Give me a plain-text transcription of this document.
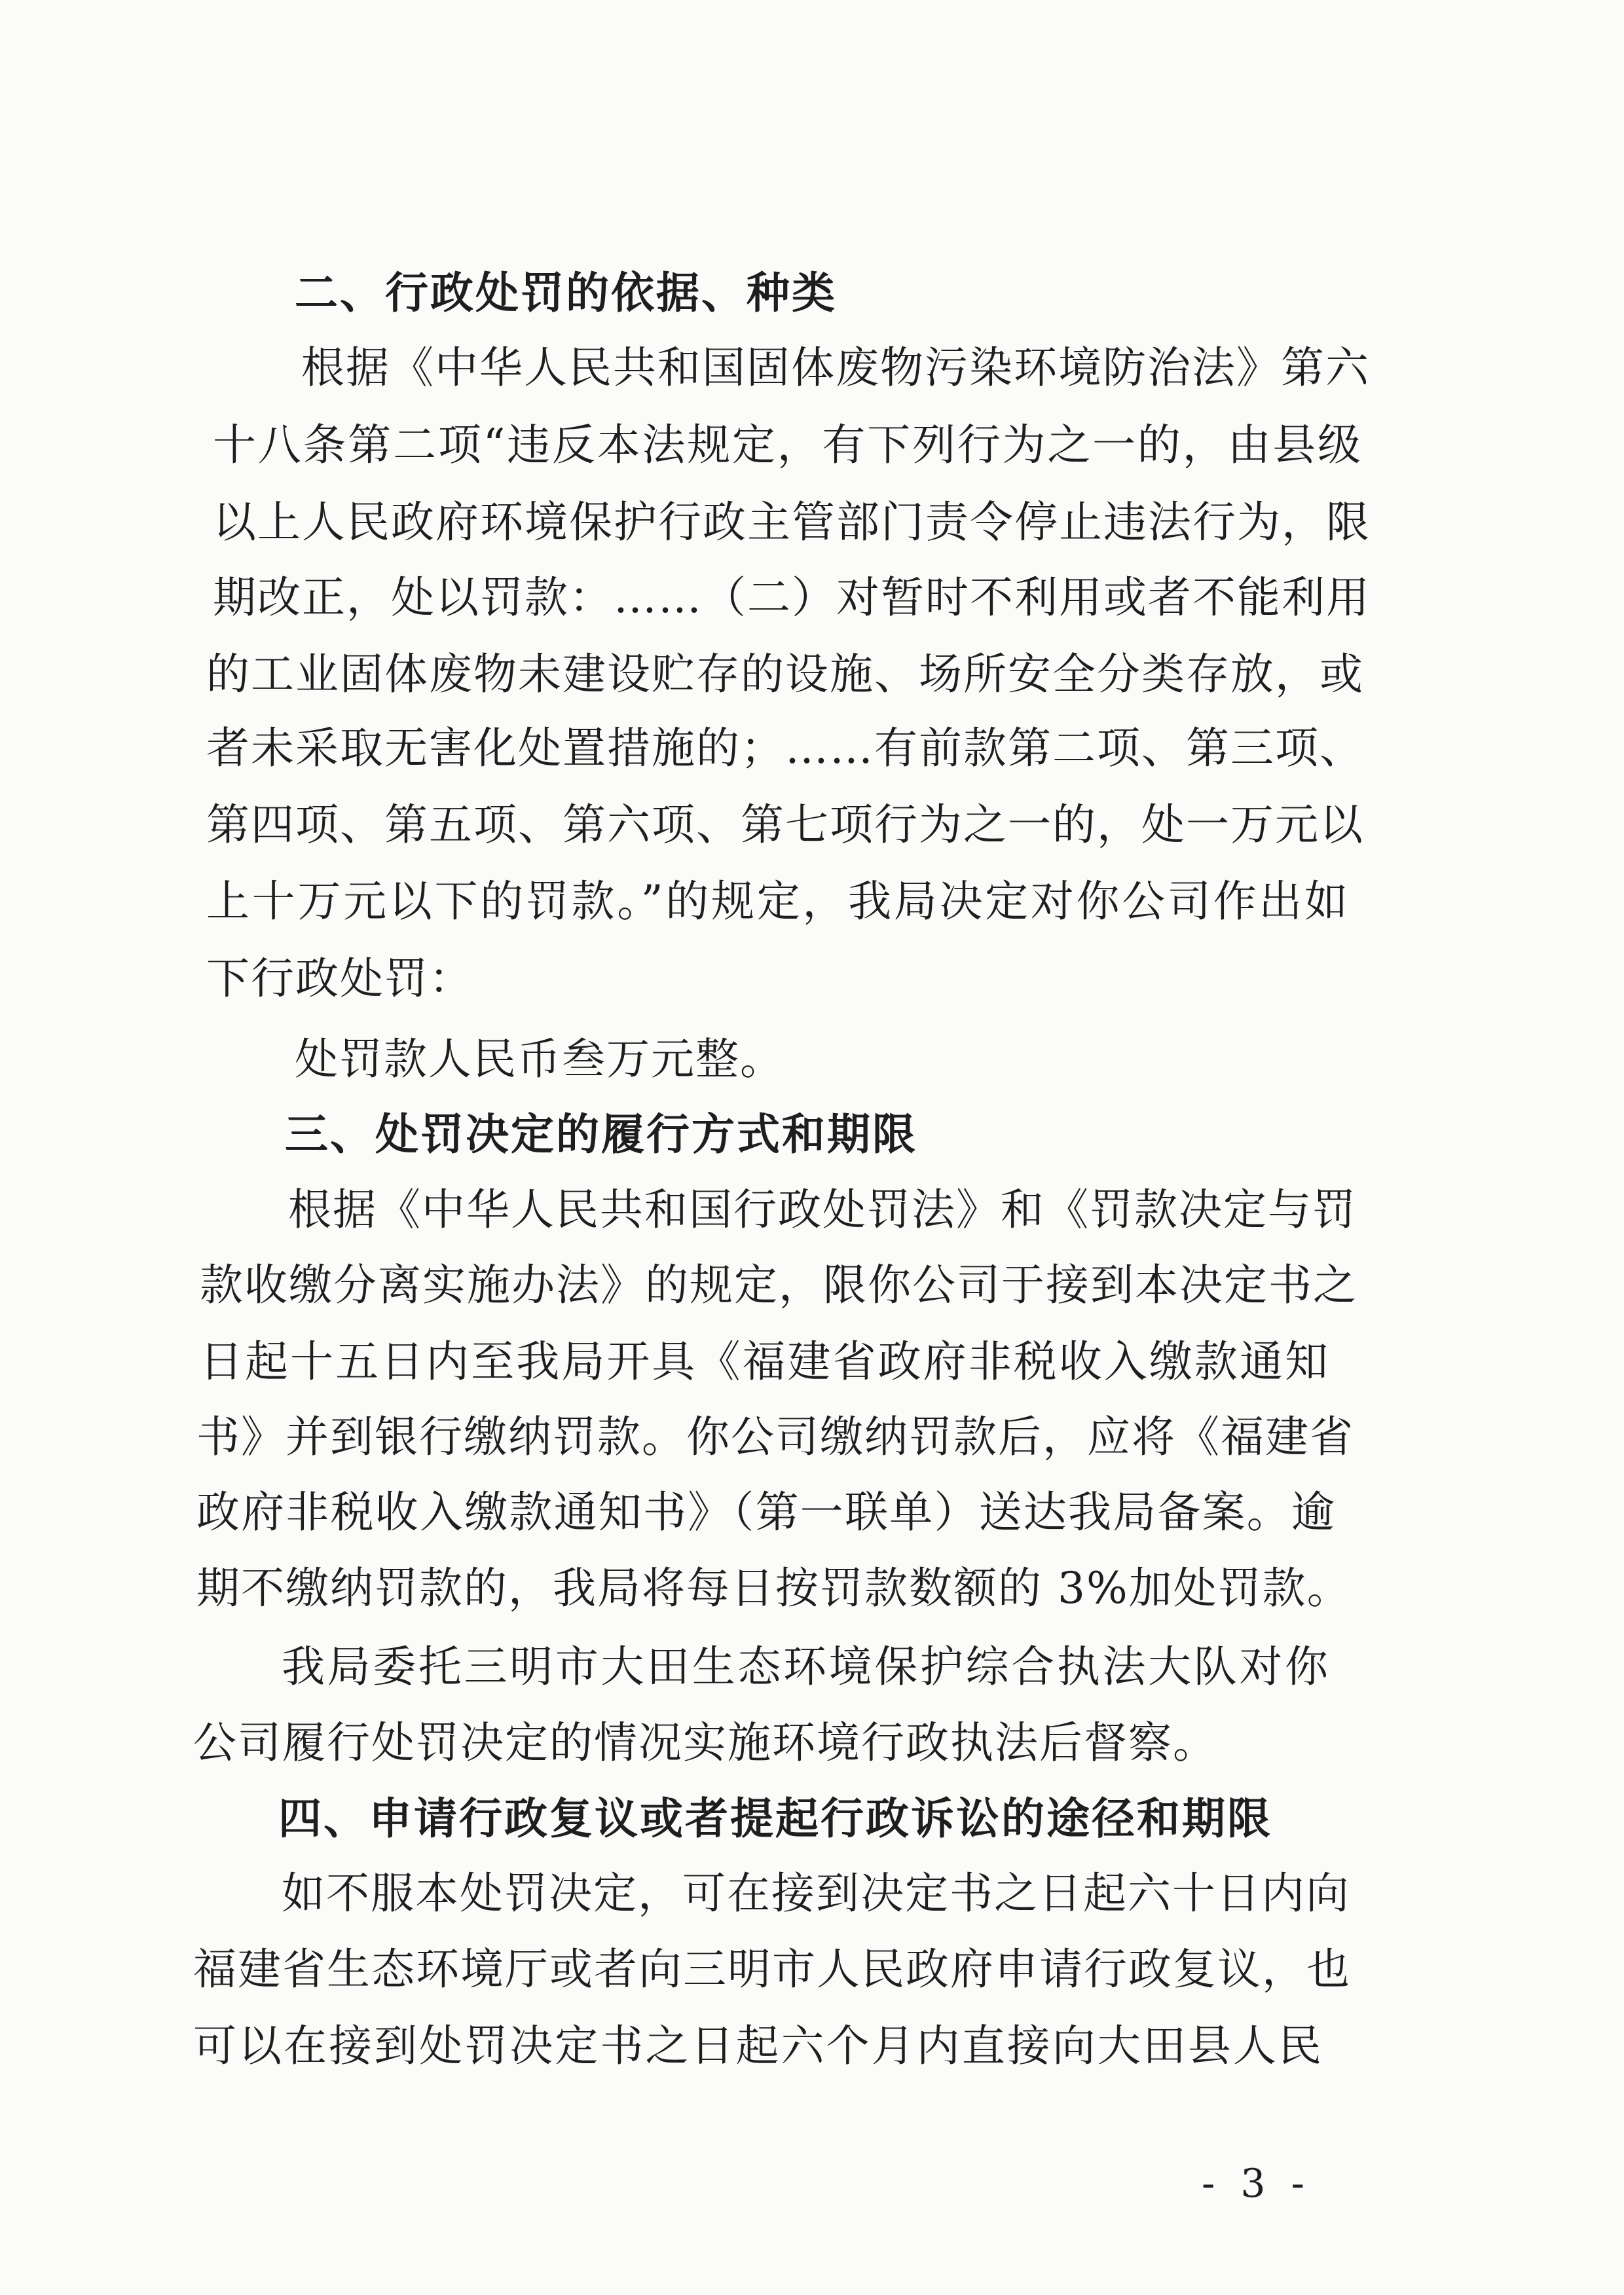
二、行政处罚的依据、种类
根据《中华人民共和国固体废物污染环境防治法》第六
十八条第二项“违反本法规定，有下列行为之一的，由县级
以上人民政府环境保护行政主管部门责令停止违法行为，限
期改正，处以罚款：……（二）对暂时不利用或者不能利用
的工业固体废物未建设贮存的设施、场所安全分类存放，或
者未采取无害化处置措施的；……有前款第二项、第三项、
第四项、第五项、第六项、第七项行为之一的，处一万元以
上十万元以下的罚款。”的规定，我局决定对你公司作出如
下行政处罚：
处罚款人民币叁万元整。
三、处罚决定的履行方式和期限
根据《中华人民共和国行政处罚法》和《罚款决定与罚
款收缴分离实施办法》的规定，限你公司于接到本决定书之
日起十五日内至我局开具《福建省政府非税收入缴款通知
书》并到银行缴纳罚款。你公司缴纳罚款后，应将《福建省
政府非税收入缴款通知书》（第一联单）送达我局备案。逾
期不缴纳罚款的，我局将每日按罚款数额的 3%加处罚款。
我局委托三明市大田生态环境保护综合执法大队对你
公司履行处罚决定的情况实施环境行政执法后督察。
四、申请行政复议或者提起行政诉讼的途径和期限
如不服本处罚决定，可在接到决定书之日起六十日内向
福建省生态环境厅或者向三明市人民政府申请行政复议，也
可以在接到处罚决定书之日起六个月内直接向大田县人民
- 3 -
